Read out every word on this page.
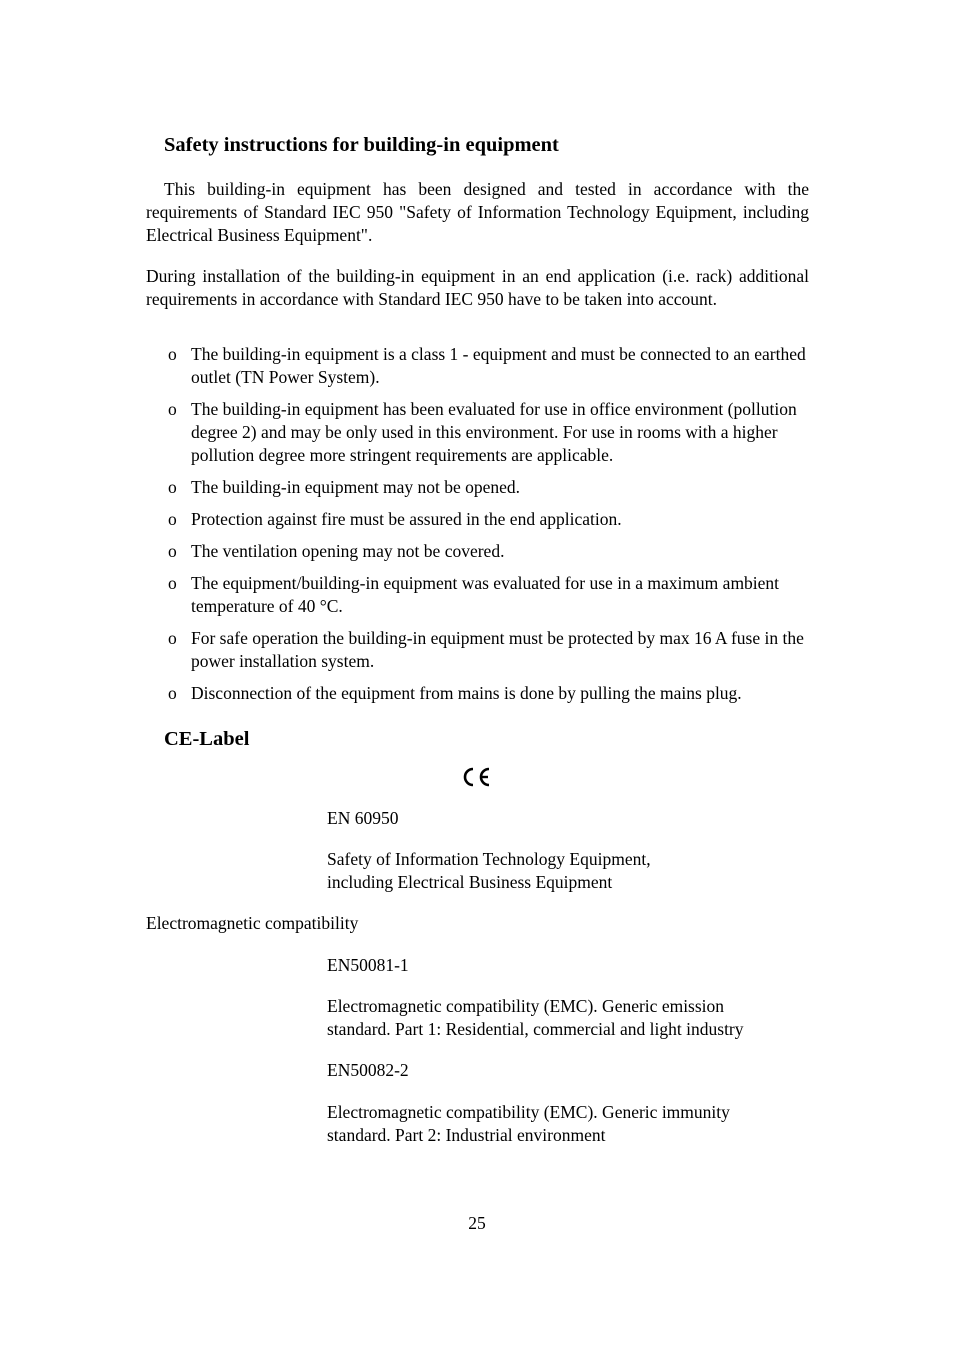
Safety instructions for building-in equipment

This building-in equipment has been designed and tested in accordance with the requirements of Standard IEC 950 "Safety of Information Technology Equipment, including Electrical Business Equipment".

During installation of the building-in equipment in an end application (i.e. rack) additional requirements in accordance with Standard IEC 950 have to be taken into account.

o The building-in equipment is a class 1 - equipment and must be connected to an earthed outlet (TN Power System).
o The building-in equipment has been evaluated for use in office environment (pollution degree 2) and may be only used in this environment. For use in rooms with a higher pollution degree more stringent requirements are applicable.
o The building-in equipment may not be opened.
o Protection against fire must be assured in the end application.
o The ventilation opening may not be covered.
o The equipment/building-in equipment was evaluated for use in a maximum ambient temperature of 40 °C.
o For safe operation the building-in equipment must be protected by max 16 A fuse in the power installation system.
o Disconnection of the equipment from mains is done by pulling the mains plug.
CE-Label

EN 60950

Safety of Information Technology Equipment,
including Electrical Business Equipment

Electromagnetic compatibility

EN50081-1

Electromagnetic compatibility (EMC). Generic emission
standard. Part 1: Residential, commercial and light industry

EN50082-2

Electromagnetic compatibility (EMC). Generic immunity
standard. Part 2: Industrial environment
25
